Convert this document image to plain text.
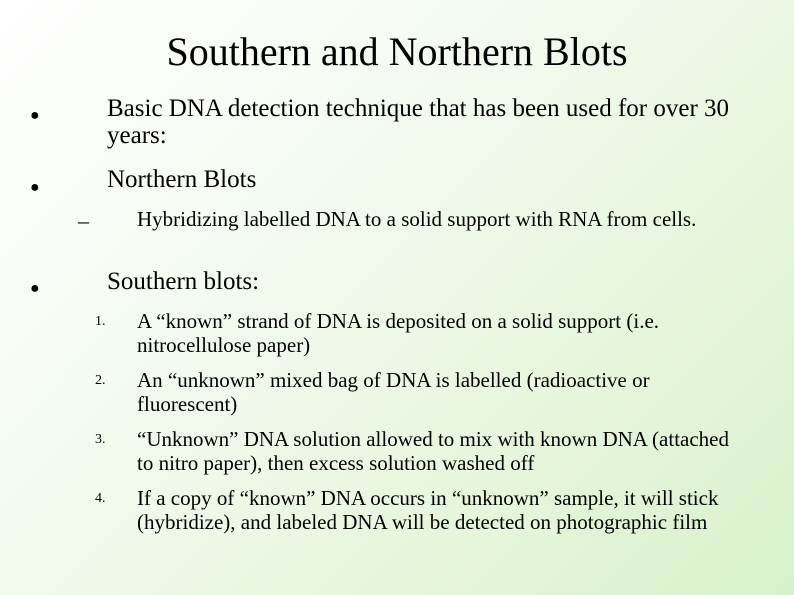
Southern and Northern Blots
●	Basic DNA detection technique that has been used for over 30 years:
●	Northern Blots
– Hybridizing labelled DNA to a solid support with RNA from cells.
●	Southern blots:
1. A “known” strand of DNA is deposited on a solid support (i.e. nitrocellulose paper)
2. An “unknown” mixed bag of DNA is labelled (radioactive or fluorescent)
3. “Unknown” DNA solution allowed to mix with known DNA (attached to nitro paper), then excess solution washed off
4. If a copy of “known” DNA occurs in “unknown” sample, it will stick (hybridize), and labeled DNA will be detected on photographic film
